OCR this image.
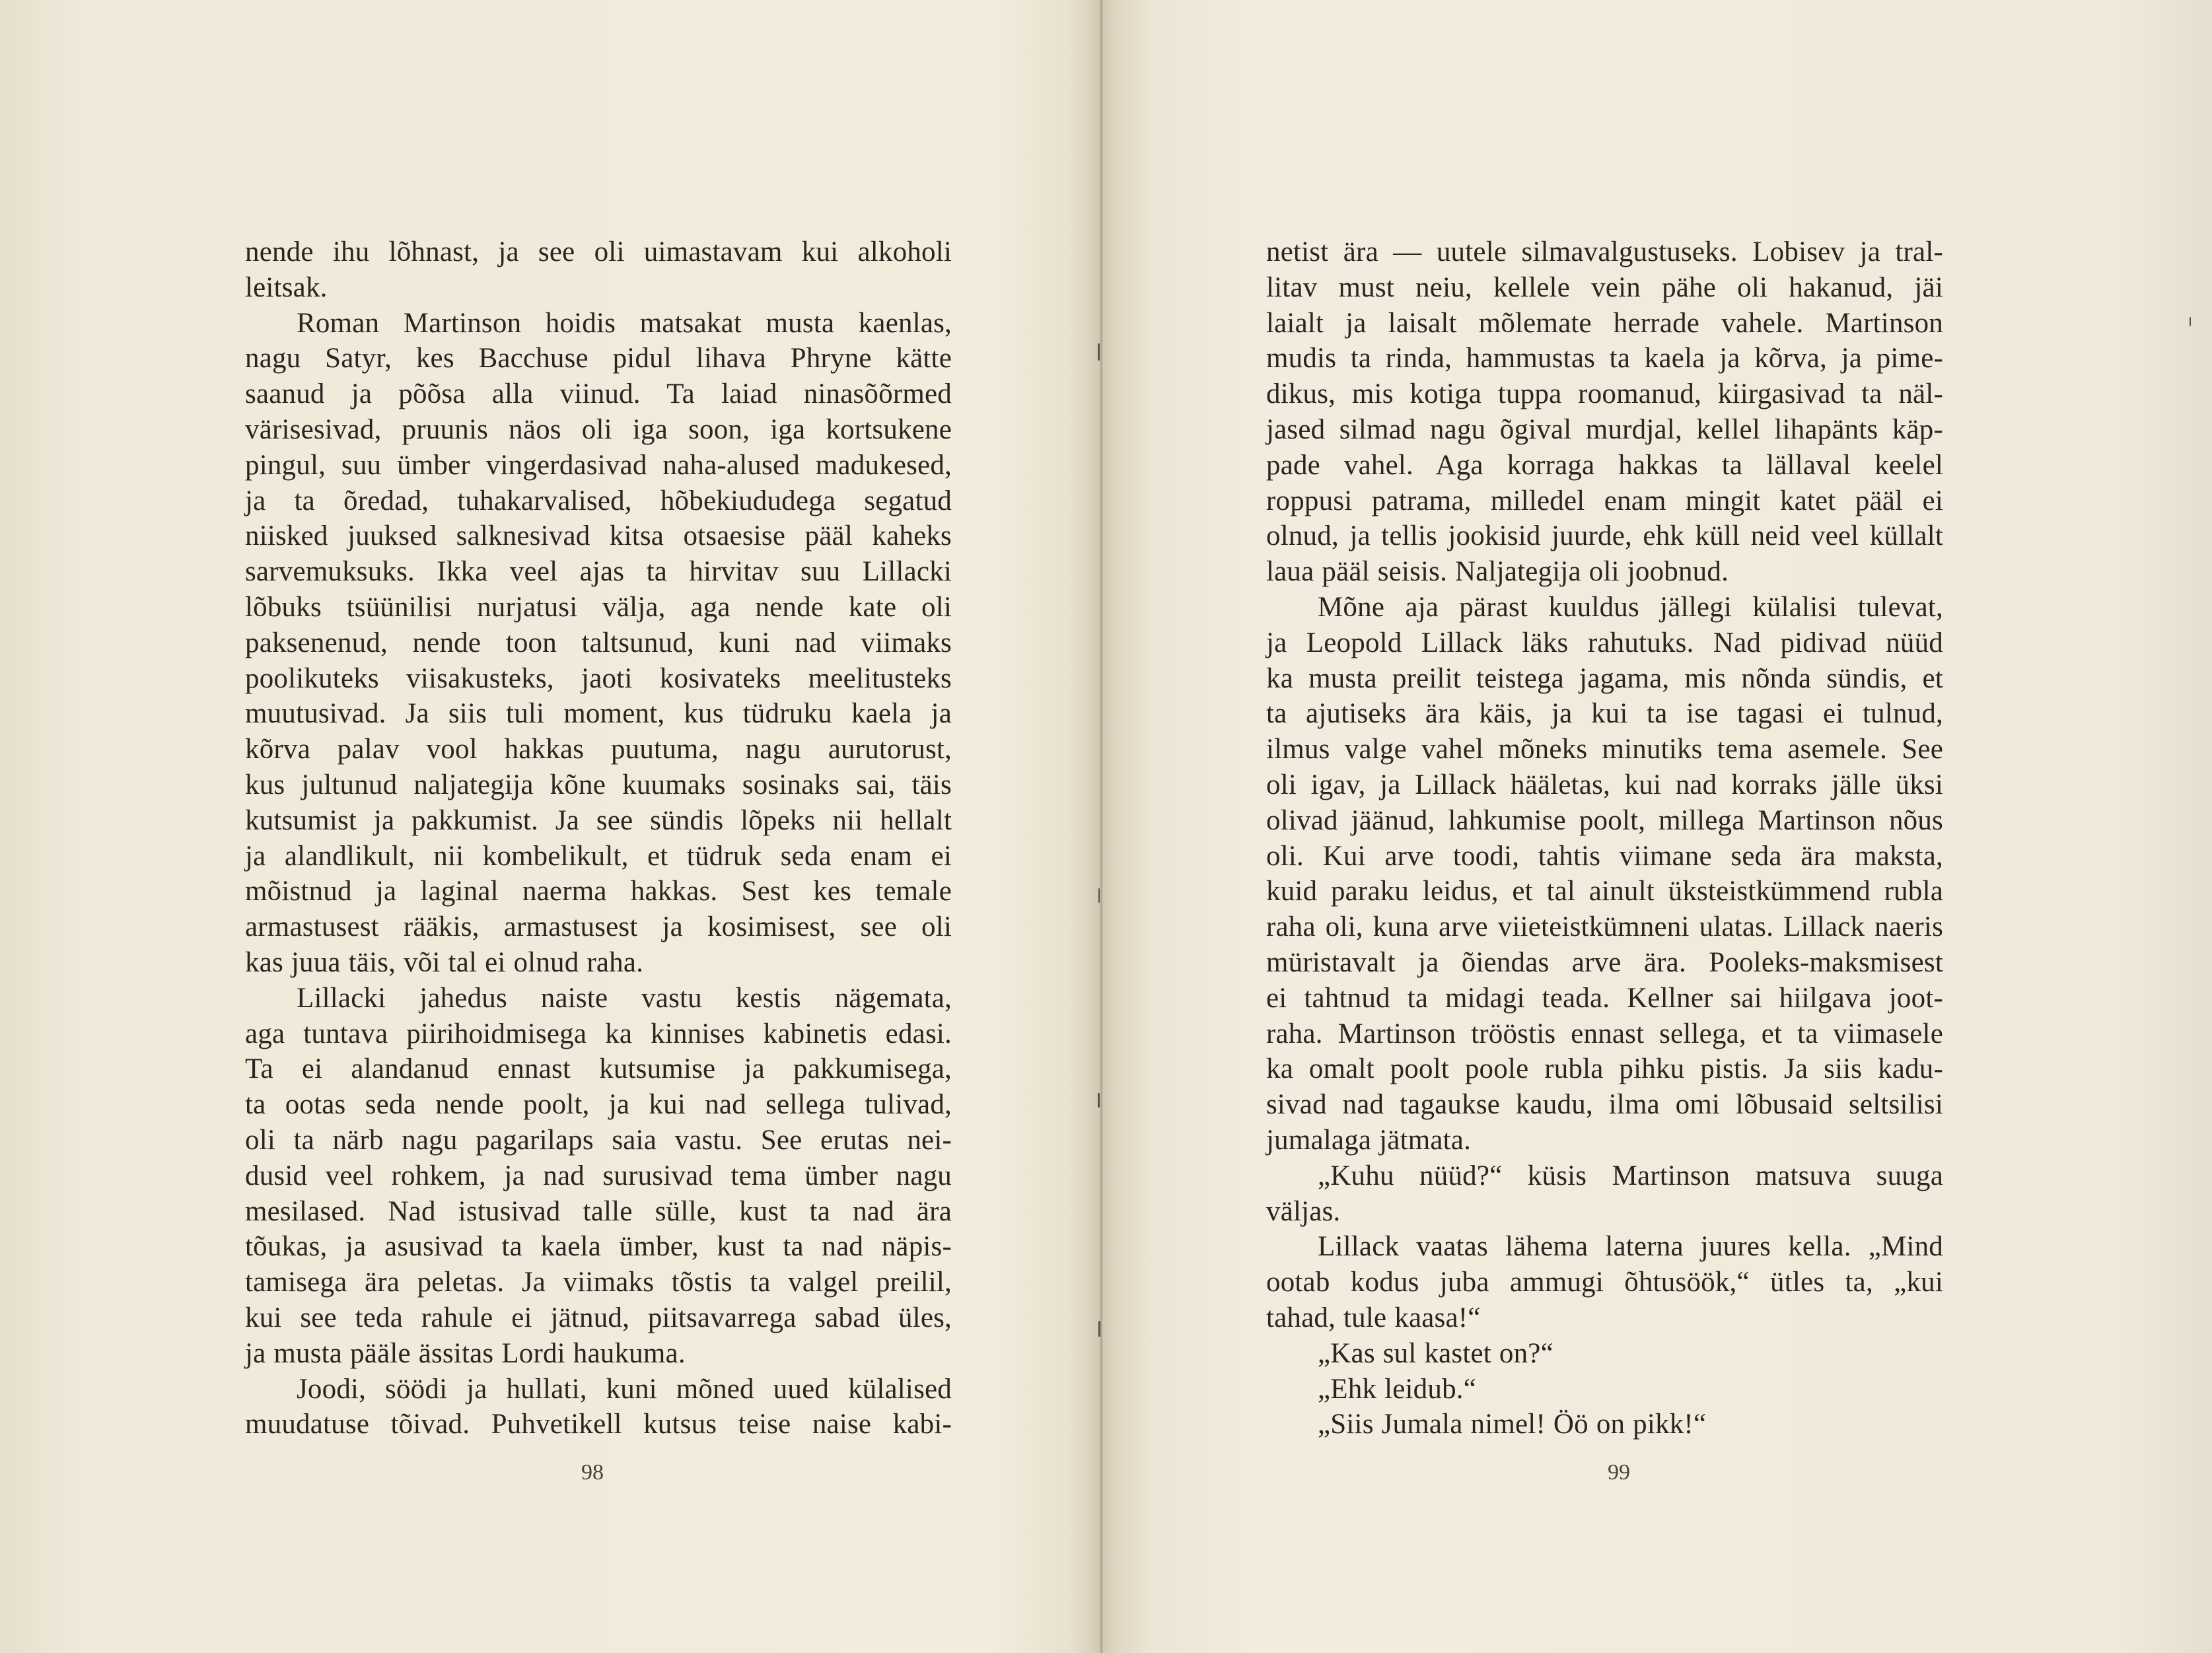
nende ihu lõhnast, ja see oli uimastavam kui alkoholi
leitsak.
Roman Martinson hoidis matsakat musta kaenlas,
nagu Satyr, kes Bacchuse pidul lihava Phryne kätte
saanud ja põõsa alla viinud. Ta laiad ninasõõrmed
värisesivad, pruunis näos oli iga soon, iga kortsukene
pingul, suu ümber vingerdasivad naha-alused madukesed,
ja ta õredad, tuhakarvalised, hõbekiududega segatud
niisked juuksed salknesivad kitsa otsaesise pääl kaheks
sarvemuksuks. Ikka veel ajas ta hirvitav suu Lillacki
lõbuks tsüünilisi nurjatusi välja, aga nende kate oli
paksenenud, nende toon taltsunud, kuni nad viimaks
poolikuteks viisakusteks, jaoti kosivateks meelitusteks
muutusivad. Ja siis tuli moment, kus tüdruku kaela ja
kõrva palav vool hakkas puutuma, nagu aurutorust,
kus jultunud naljategija kõne kuumaks sosinaks sai, täis
kutsumist ja pakkumist. Ja see sündis lõpeks nii hellalt
ja alandlikult, nii kombelikult, et tüdruk seda enam ei
mõistnud ja laginal naerma hakkas. Sest kes temale
armastusest rääkis, armastusest ja kosimisest, see oli
kas juua täis, või tal ei olnud raha.
Lillacki jahedus naiste vastu kestis nägemata,
aga tuntava piirihoidmisega ka kinnises kabinetis edasi.
Ta ei alandanud ennast kutsumise ja pakkumisega,
ta ootas seda nende poolt, ja kui nad sellega tulivad,
oli ta närb nagu pagarilaps saia vastu. See erutas nei-
dusid veel rohkem, ja nad surusivad tema ümber nagu
mesilased. Nad istusivad talle sülle, kust ta nad ära
tõukas, ja asusivad ta kaela ümber, kust ta nad näpis-
tamisega ära peletas. Ja viimaks tõstis ta valgel preilil,
kui see teda rahule ei jätnud, piitsavarrega sabad üles,
ja musta pääle ässitas Lordi haukuma.
Joodi, söödi ja hullati, kuni mõned uued külalised
muudatuse tõivad. Puhvetikell kutsus teise naise kabi-
98
netist ära — uutele silmavalgustuseks. Lobisev ja tral-
litav must neiu, kellele vein pähe oli hakanud, jäi
laialt ja laisalt mõlemate herrade vahele. Martinson
mudis ta rinda, hammustas ta kaela ja kõrva, ja pime-
dikus, mis kotiga tuppa roomanud, kiirgasivad ta näl-
jased silmad nagu õgival murdjal, kellel lihapänts käp-
pade vahel. Aga korraga hakkas ta lällaval keelel
roppusi patrama, milledel enam mingit katet pääl ei
olnud, ja tellis jookisid juurde, ehk küll neid veel küllalt
laua pääl seisis. Naljategija oli joobnud.
Mõne aja pärast kuuldus jällegi külalisi tulevat,
ja Leopold Lillack läks rahutuks. Nad pidivad nüüd
ka musta preilit teistega jagama, mis nõnda sündis, et
ta ajutiseks ära käis, ja kui ta ise tagasi ei tulnud,
ilmus valge vahel mõneks minutiks tema asemele. See
oli igav, ja Lillack hääletas, kui nad korraks jälle üksi
olivad jäänud, lahkumise poolt, millega Martinson nõus
oli. Kui arve toodi, tahtis viimane seda ära maksta,
kuid paraku leidus, et tal ainult üksteistkümmend rubla
raha oli, kuna arve viieteistkümneni ulatas. Lillack naeris
müristavalt ja õiendas arve ära. Pooleks-maksmisest
ei tahtnud ta midagi teada. Kellner sai hiilgava joot-
raha. Martinson trööstis ennast sellega, et ta viimasele
ka omalt poolt poole rubla pihku pistis. Ja siis kadu-
sivad nad tagaukse kaudu, ilma omi lõbusaid seltsilisi
jumalaga jätmata.
„Kuhu nüüd?“ küsis Martinson matsuva suuga
väljas.
Lillack vaatas lähema laterna juures kella. „Mind
ootab kodus juba ammugi õhtusöök,“ ütles ta, „kui
tahad, tule kaasa!“
„Kas sul kastet on?“
„Ehk leidub.“
„Siis Jumala nimel! Öö on pikk!“
99
